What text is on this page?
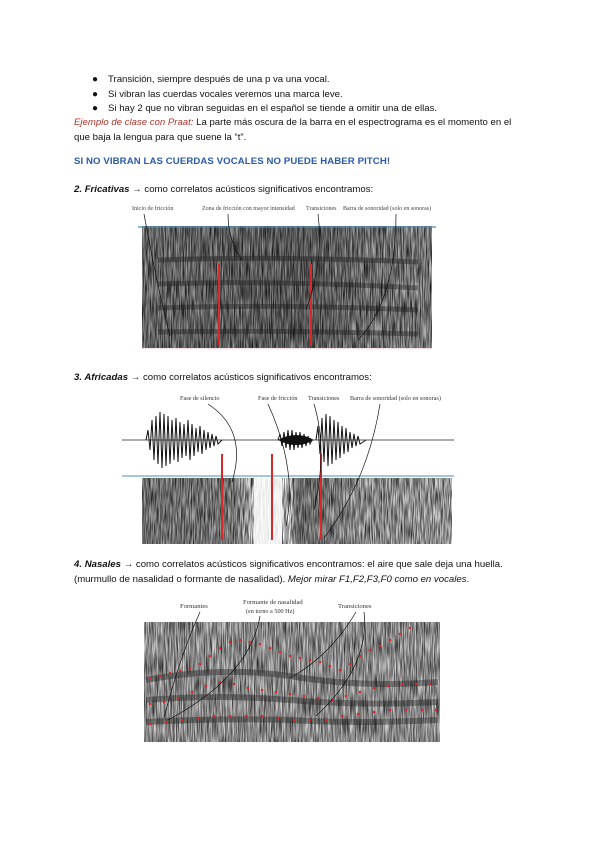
● Transición, siempre después de una p va una vocal.
● Si vibran las cuerdas vocales veremos una marca leve.
● Si hay 2 que no vibran seguidas en el español se tiende a omitir una de ellas.
Ejemplo de clase con Praat: La parte más oscura de la barra en el espectrograma es el momento en el
que baja la lengua para que suene la “t”.
SI NO VIBRAN LAS CUERDAS VOCALES NO PUEDE HABER PITCH!
2. Fricativas → como correlatos acústicos significativos encontramos:
Inicio de fricción	Zona de fricción con mayor intensidad Transiciones Barra de sonoridad (solo en sonoras)
3. Africadas → como correlatos acústicos significativos encontramos:
Fase de silencio	Fase de fricción Transiciones Barra de sonoridad (solo en sonoras)
4. Nasales → como correlatos acústicos significativos encontramos: el aire que sale deja una huella.
(murmullo de nasalidad o formante de nasalidad). Mejor mirar F1,F2,F3,F0 como en vocales.
Formantes
Formante de nasalidad
(en torno a 500 Hz)
Transiciones
